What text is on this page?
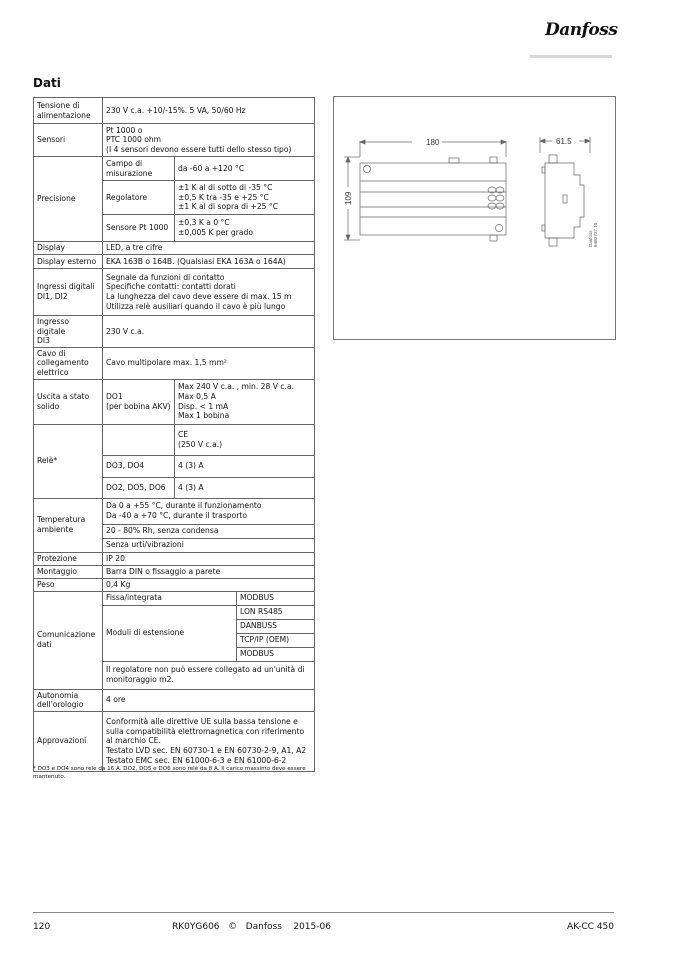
Danfoss
Dati
Tensione di
alimentazione	230 V c.a. +10/-15%. 5 VA, 50/60 Hz		
Sensori	Pt 1000 o
PTC 1000 ohm
(I 4 sensori devono essere tutti dello stesso tipo)		
Precisione	Campo di
misurazione	da -60 a +120 °C	
	Regolatore	±1 K al di sotto di -35 °C
±0,5 K tra -35 e +25 °C
±1 K al di sopra di +25 °C	
	Sensore Pt 1000	±0,3 K a 0 °C
±0,005 K per grado	
Display	LED, a tre cifre		
Display esterno	EKA 163B o 164B. (Qualsiasi EKA 163A o 164A)		
Ingressi digitali
DI1, DI2	Segnale da funzioni di contatto
Specifiche contatti: contatti dorati
La lunghezza del cavo deve essere di max. 15 m
Utilizza relè ausiliari quando il cavo è più lungo		
Ingresso digitale
DI3	230 V c.a.		
Cavo di
collegamento
elettrico	Cavo multipolare max. 1,5 mm²		
Uscita a stato
solido	DO1
(per bobina AKV)	Max 240 V c.a. , min. 28 V c.a.
Max 0,5 A
Disp. < 1 mA
Max 1 bobina	
Relè*		CE
(250 V c.a.)	
	DO3, DO4	4 (3) A	
	DO2, DO5, DO6	4 (3) A	
Temperatura
ambiente	Da 0 a +55 °C, durante il funzionamento
Da -40 a +70 °C, durante il trasporto		
	20 - 80% Rh, senza condensa		
	Senza urti/vibrazioni		
Protezione	IP 20		
Montaggio	Barra DIN o fissaggio a parete		
Peso	0,4 Kg		
Comunicazione
dati	Fissa/integrata		MODBUS
	Moduli di estensione		LON RS485
			DANBUSS
			TCP/IP (OEM)
			MODBUS
	Il regolatore non può essere collegato ad un'unità di
monitoraggio m2.		
Autonomia
dell'orologio	4 ore		
Approvazioni	Conformità alle direttive UE sulla bassa tensione e
sulla compatibilità elettromagnetica con riferimento
al marchio CE.
Testato LVD sec. EN 60730-1 e EN 60730-2-9, A1, A2
Testato EMC sec. EN 61000-6-3 e EN 61000-6-2		
* DO3 e DO4 sono relè da 16 A. DO2, DO5 e DO6 sono relè da 8 A. Il carico massimo deve essere mantenuto.
180	61.5
109
Danfoss84B2727.10
120	RK0YG606   ©   Danfoss    2015-06	AK-CC 450
